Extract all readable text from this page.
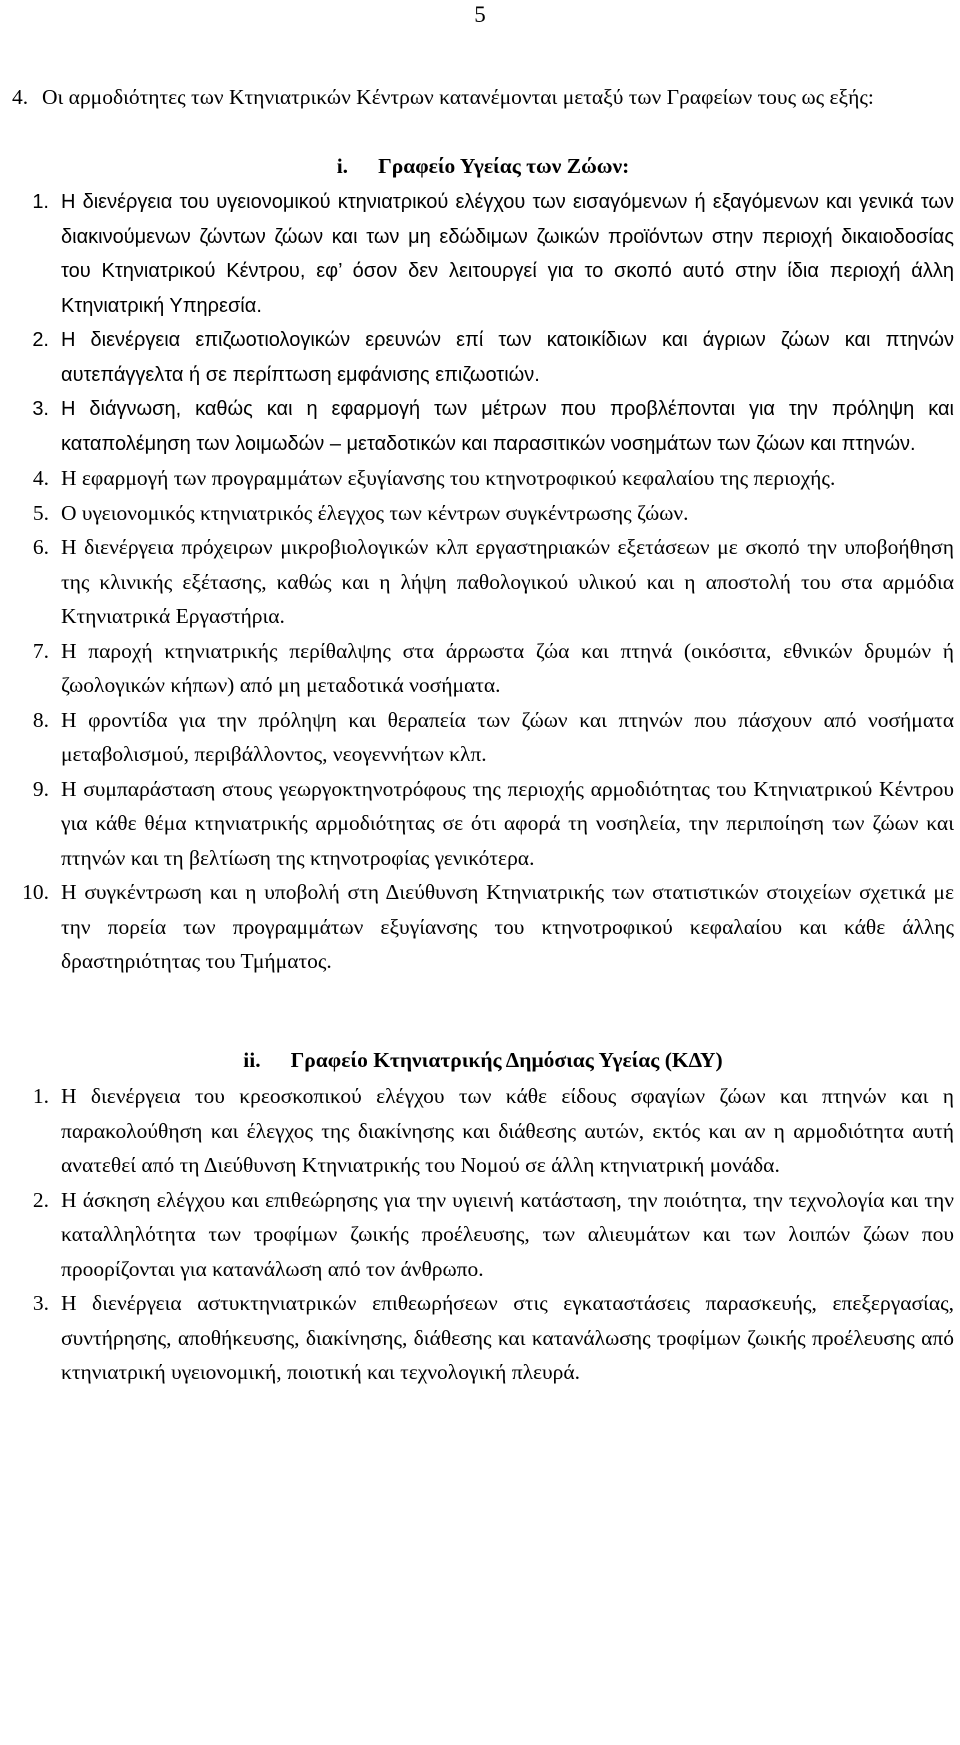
5
4. Οι αρμοδιότητες των Κτηνιατρικών Κέντρων κατανέμονται μεταξύ των Γραφείων τους ως εξής:
i. Γραφείο Υγείας των Ζώων:
1. Η διενέργεια του υγειονομικού κτηνιατρικού ελέγχου των εισαγόμενων ή εξαγόμενων και γενικά των διακινούμενων ζώντων ζώων και των μη εδώδιμων ζωικών προϊόντων στην περιοχή δικαιοδοσίας του Κτηνιατρικού Κέντρου, εφ’ όσον δεν λειτουργεί για το σκοπό αυτό στην ίδια περιοχή άλλη Κτηνιατρική Υπηρεσία.
2. Η διενέργεια επιζωοτιολογικών ερευνών επί των κατοικίδιων και άγριων ζώων και πτηνών αυτεπάγγελτα ή σε περίπτωση εμφάνισης επιζωοτιών.
3. Η διάγνωση, καθώς και η εφαρμογή των μέτρων που προβλέπονται για την πρόληψη και καταπολέμηση των λοιμωδών – μεταδοτικών και παρασιτικών νοσημάτων των ζώων και πτηνών.
4. Η εφαρμογή των προγραμμάτων εξυγίανσης του κτηνοτροφικού κεφαλαίου της περιοχής.
5. Ο υγειονομικός κτηνιατρικός έλεγχος των κέντρων συγκέντρωσης ζώων.
6. Η διενέργεια πρόχειρων μικροβιολογικών κλπ εργαστηριακών εξετάσεων με σκοπό την υποβοήθηση της κλινικής εξέτασης, καθώς και η λήψη παθολογικού υλικού και η αποστολή του στα αρμόδια Κτηνιατρικά Εργαστήρια.
7. Η παροχή κτηνιατρικής περίθαλψης στα άρρωστα ζώα και πτηνά (οικόσιτα, εθνικών δρυμών ή ζωολογικών κήπων) από μη μεταδοτικά νοσήματα.
8. Η φροντίδα για την πρόληψη και θεραπεία των ζώων και πτηνών που πάσχουν από νοσήματα μεταβολισμού, περιβάλλοντος, νεογεννήτων κλπ.
9. Η συμπαράσταση στους γεωργοκτηνοτρόφους της περιοχής αρμοδιότητας του Κτηνιατρικού Κέντρου για κάθε θέμα κτηνιατρικής αρμοδιότητας σε ότι αφορά τη νοσηλεία, την περιποίηση των ζώων και πτηνών και τη βελτίωση της κτηνοτροφίας γενικότερα.
10. Η συγκέντρωση και η υποβολή στη Διεύθυνση Κτηνιατρικής των στατιστικών στοιχείων σχετικά με την πορεία των προγραμμάτων εξυγίανσης του κτηνοτροφικού κεφαλαίου και κάθε άλλης δραστηριότητας του Τμήματος.
ii. Γραφείο Κτηνιατρικής Δημόσιας Υγείας (ΚΔΥ)
1. Η διενέργεια του κρεοσκοπικού ελέγχου των κάθε είδους σφαγίων ζώων και πτηνών και η παρακολούθηση και έλεγχος της διακίνησης και διάθεσης αυτών, εκτός και αν η αρμοδιότητα αυτή ανατεθεί από τη Διεύθυνση Κτηνιατρικής του Νομού σε άλλη κτηνιατρική μονάδα.
2. Η άσκηση ελέγχου και επιθεώρησης για την υγιεινή κατάσταση, την ποιότητα, την τεχνολογία και την καταλληλότητα των τροφίμων ζωικής προέλευσης, των αλιευμάτων και των λοιπών ζώων που προορίζονται για κατανάλωση από τον άνθρωπο.
3. Η διενέργεια αστυκτηνιατρικών επιθεωρήσεων στις εγκαταστάσεις παρασκευής, επεξεργασίας, συντήρησης, αποθήκευσης, διακίνησης, διάθεσης και κατανάλωσης τροφίμων ζωικής προέλευσης από κτηνιατρική υγειονομική, ποιοτική και τεχνολογική πλευρά.
